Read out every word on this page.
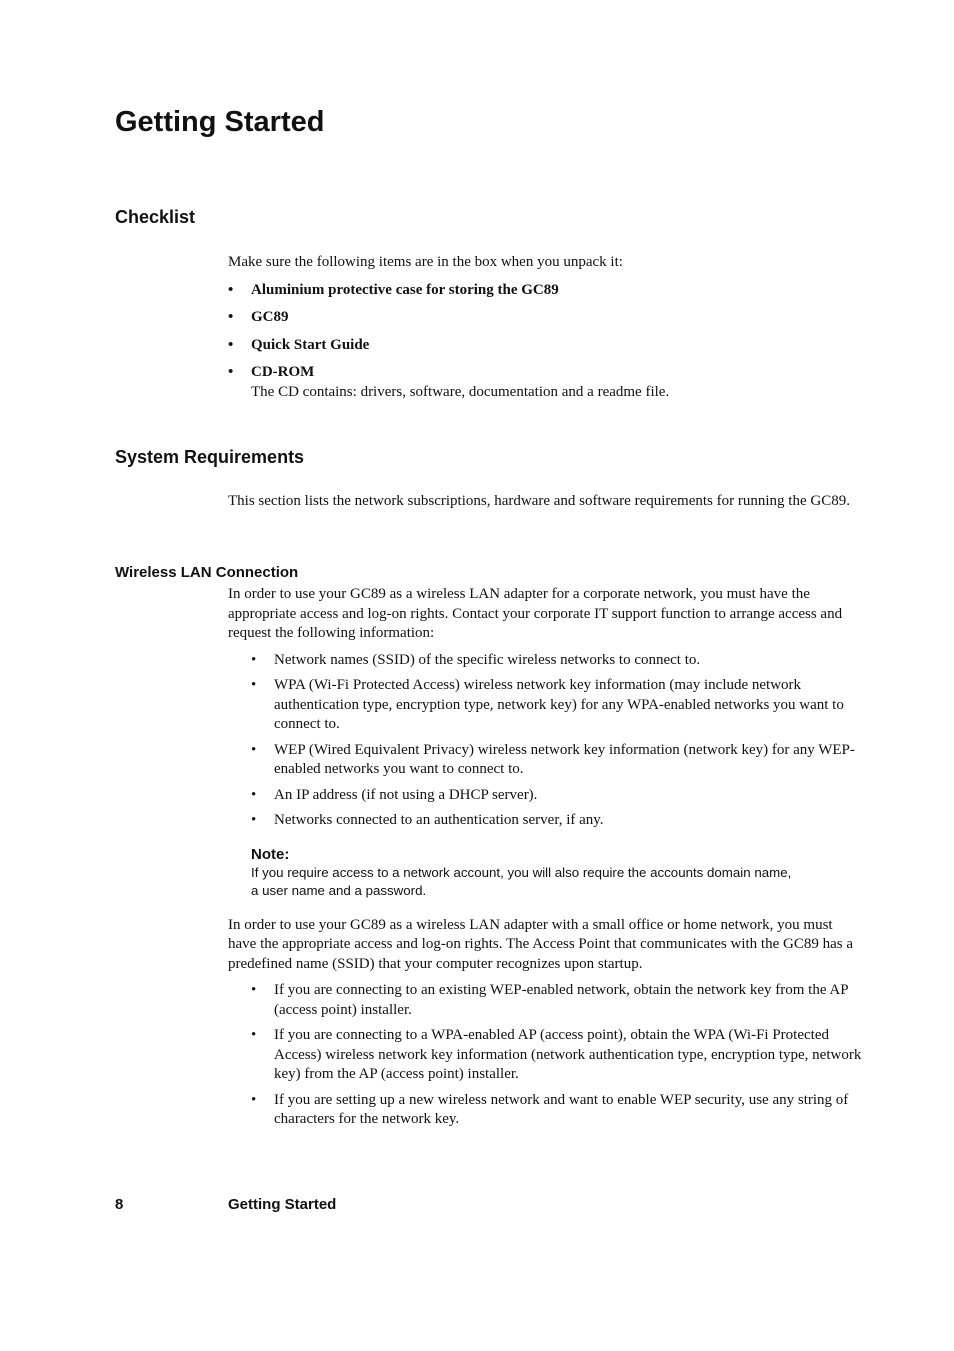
Getting Started
Checklist

Make sure the following items are in the box when you unpack it:

• Aluminium protective case for storing the GC89
• GC89
• Quick Start Guide
• CD-ROM
The CD contains: drivers, software, documentation and a readme file.
System Requirements

This section lists the network subscriptions, hardware and software requirements for running the GC89.

Wireless LAN Connection

In order to use your GC89 as a wireless LAN adapter for a corporate network, you must have the appropriate access and log-on rights. Contact your corporate IT support function to arrange access and request the following information:

• Network names (SSID) of the specific wireless networks to connect to.
• WPA (Wi-Fi Protected Access) wireless network key information (may include network authentication type, encryption type, network key) for any WPA-enabled networks you want to connect to.
• WEP (Wired Equivalent Privacy) wireless network key information (network key) for any WEP-enabled networks you want to connect to.
• An IP address (if not using a DHCP server).
• Networks connected to an authentication server, if any.
Note:
If you require access to a network account, you will also require the accounts domain name,
a user name and a password.

In order to use your GC89 as a wireless LAN adapter with a small office or home network, you must have the appropriate access and log-on rights. The Access Point that communicates with the GC89 has a predefined name (SSID) that your computer recognizes upon startup.

• If you are connecting to an existing WEP-enabled network, obtain the network key from the AP (access point) installer.
• If you are connecting to a WPA-enabled AP (access point), obtain the WPA (Wi-Fi Protected Access) wireless network key information (network authentication type, encryption type, network key) from the AP (access point) installer.
• If you are setting up a new wireless network and want to enable WEP security, use any string of characters for the network key.
8	Getting Started
